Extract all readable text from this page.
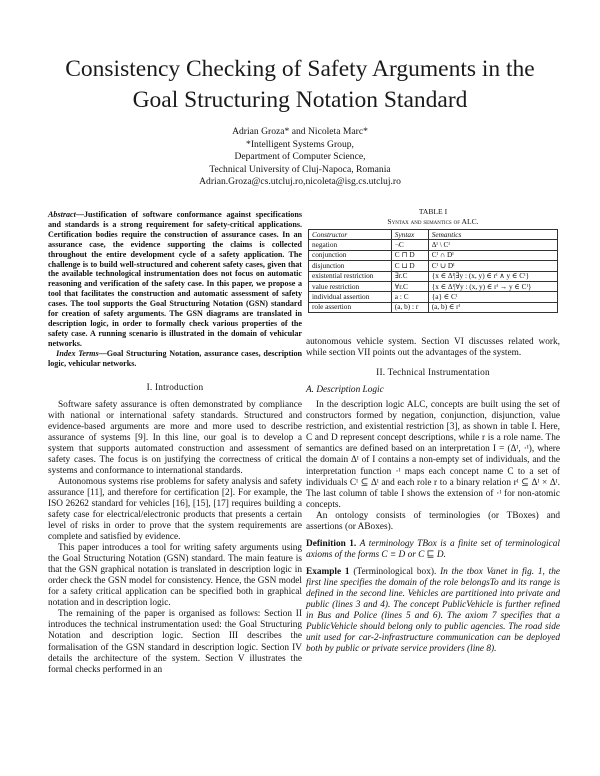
Consistency Checking of Safety Arguments in the Goal Structuring Notation Standard
Adrian Groza* and Nicoleta Marc*
*Intelligent Systems Group,
Department of Computer Science,
Technical University of Cluj-Napoca, Romania
Adrian.Groza@cs.utcluj.ro,nicoleta@isg.cs.utcluj.ro
Abstract—Justification of software conformance against specifications and standards is a strong requirement for safety-critical applications. Certification bodies require the construction of assurance cases. In an assurance case, the evidence supporting the claims is collected throughout the entire development cycle of a safety application. The challenge is to build well-structured and coherent safety cases, given that the available technological instrumentation does not focus on automatic reasoning and verification of the safety case. In this paper, we propose a tool that facilitates the construction and automatic assessment of safety cases. The tool supports the Goal Structuring Notation (GSN) standard for creation of safety arguments. The GSN diagrams are translated in description logic, in order to formally check various properties of the safety case. A running scenario is illustrated in the domain of vehicular networks.
Index Terms—Goal Structuring Notation, assurance cases, description logic, vehicular networks.
I. Introduction

Software safety assurance is often demonstrated by compliance with national or international safety standards. Structured and evidence-based arguments are more and more used to describe assurance of systems [9]. In this line, our goal is to develop a system that supports automated construction and assessment of safety cases. The focus is on justifying the correctness of critical systems and conformance to international standards.

Autonomous systems rise problems for safety analysis and safety assurance [11], and therefore for certification [2]. For example, the ISO 26262 standard for vehicles [16], [15], [17] requires building a safety case for electrical/electronic products that presents a certain level of risks in order to prove that the system requirements are complete and satisfied by evidence.

This paper introduces a tool for writing safety arguments using the Goal Structuring Notation (GSN) standard. The main feature is that the GSN graphical notation is translated in description logic in order check the GSN model for consistency. Hence, the GSN model for a safety critical application can be specified both in graphical notation and in description logic.

The remaining of the paper is organised as follows: Section II introduces the technical instrumentation used: the Goal Structuring Notation and description logic. Section III describes the formalisation of the GSN standard in description logic. Section IV details the architecture of the system. Section V illustrates the formal checks performed in an

TABLE I
Syntax and semantics of ALC.
Constructor	Syntax	Semantics
negation	¬C	Δᴵ \ Cᴵ
conjunction	C ⊓ D	Cᴵ ∩ Dᴵ
disjunction	C ⊔ D	Cᴵ ∪ Dᴵ
existential restriction	∃r.C	{x ∈ Δᴵ|∃y : (x, y) ∈ rᴵ ∧ y ∈ Cᴵ}
value restriction	∀r.C	{x ∈ Δᴵ|∀y : (x, y) ∈ rᴵ → y ∈ Cᴵ}
individual assertion	a : C	{a} ∈ Cᴵ
role assertion	(a, b) : r	(a, b) ∈ rᴵ

autonomous vehicle system. Section VI discusses related work, while section VII points out the advantages of the system.

II. Technical Instrumentation
A. Description Logic

In the description logic ALC, concepts are built using the set of constructors formed by negation, conjunction, disjunction, value restriction, and existential restriction [3], as shown in table I. Here, C and D represent concept descriptions, while r is a role name. The semantics are defined based on an interpretation I = (Δᴵ, ·ᴵ), where the domain Δᴵ of I contains a non-empty set of individuals, and the interpretation function ·ᴵ maps each concept name C to a set of individuals Cᴵ ⊆ Δᴵ and each role r to a binary relation rᴵ ⊆ Δᴵ × Δᴵ. The last column of table I shows the extension of ·ᴵ for non-atomic concepts.

An ontology consists of terminologies (or TBoxes) and assertions (or ABoxes).

Definition 1. A terminology TBox is a finite set of terminological axioms of the forms C ≡ D or C ⊑ D.
Example 1 (Terminological box). In the tbox Vanet in fig. 1, the first line specifies the domain of the role belongsTo and its range is defined in the second line. Vehicles are partitioned into private and public (lines 3 and 4). The concept PublicVehicle is further refined in Bus and Police (lines 5 and 6). The axiom 7 specifies that a PublicVehicle should belong only to public agencies. The road side unit used for car-2-infrastructure communication can be deployed both by public or private service providers (line 8).
